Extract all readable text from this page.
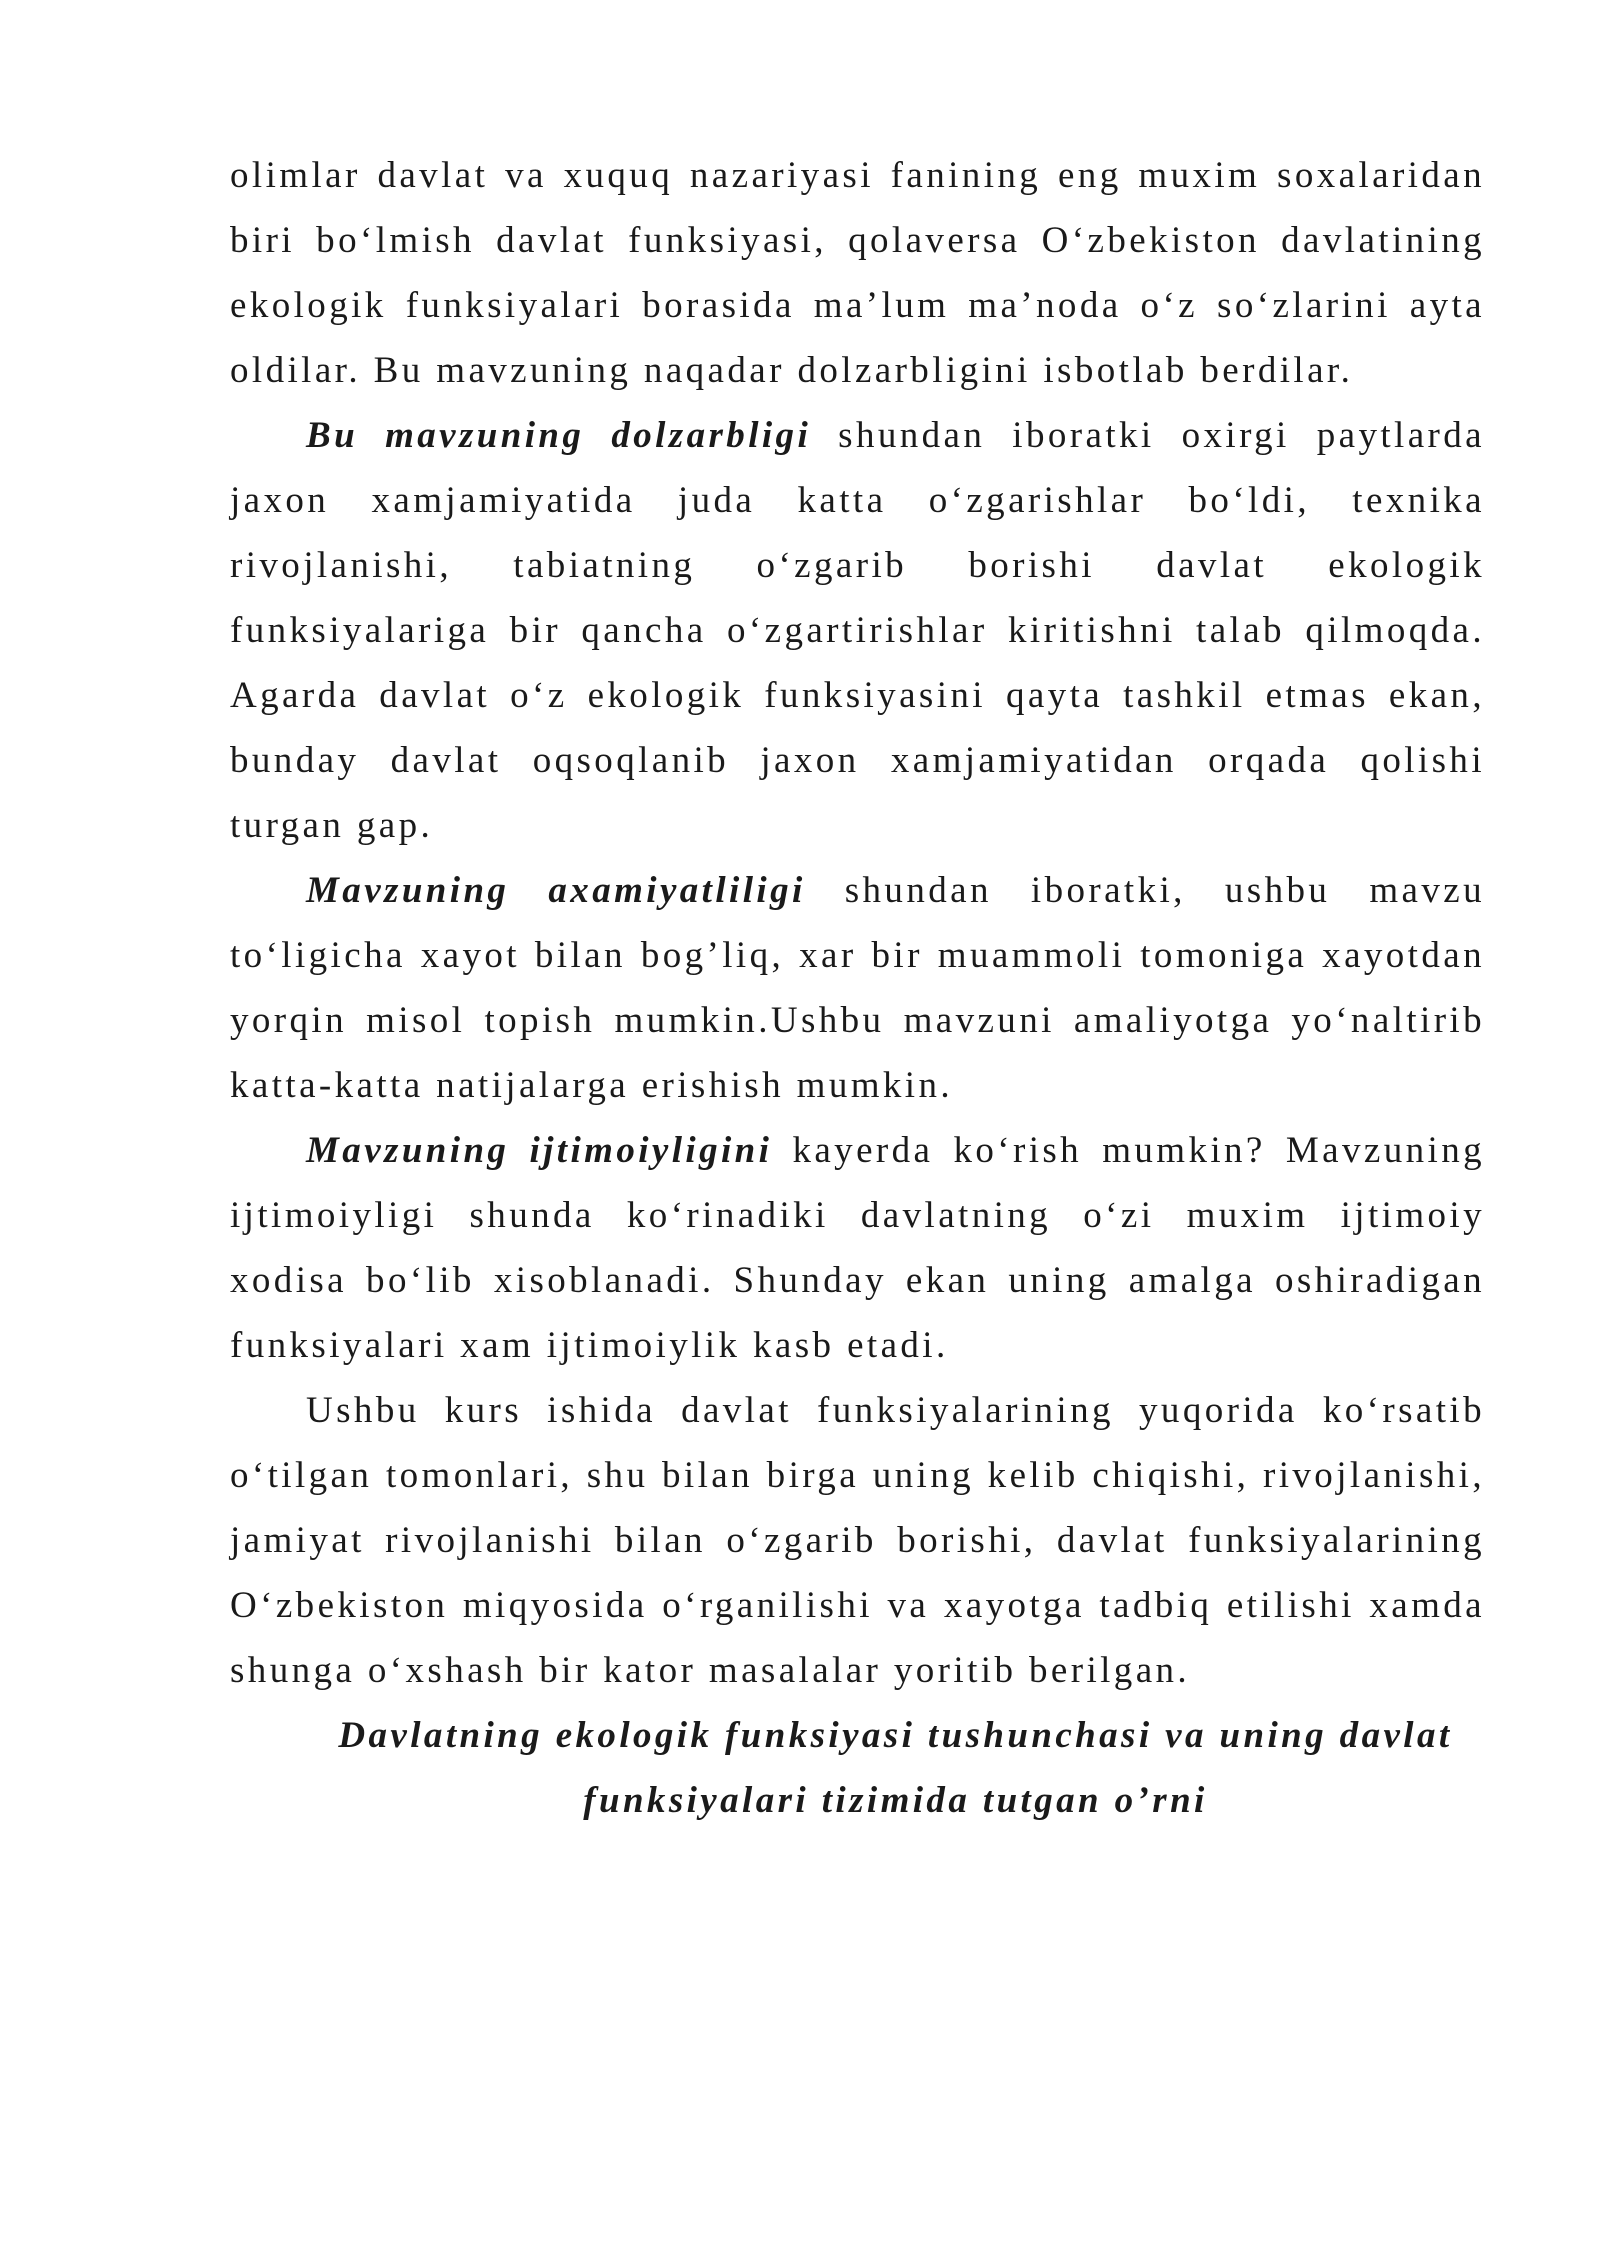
olimlar davlat va xuquq nazariyasi fanining eng muxim soxalaridan biri bo‘lmish davlat funksiyasi, qolaversa O‘zbekiston davlatining ekologik funksiyalari borasida ma’lum ma’noda o‘z so‘zlarini ayta oldilar. Bu mavzuning naqadar dolzarbligini isbotlab berdilar.

Bu mavzuning dolzarbligi shundan iboratki oxirgi paytlarda jaxon xamjamiyatida juda katta o‘zgarishlar bo‘ldi, texnika rivojlanishi, tabiatning o‘zgarib borishi davlat ekologik funksiyalariga bir qancha o‘zgartirishlar kiritishni talab qilmoqda. Agarda davlat o‘z ekologik funksiyasini qayta tashkil etmas ekan, bunday davlat oqsoqlanib jaxon xamjamiyatidan orqada qolishi turgan gap.

Mavzuning axamiyatliligi shundan iboratki, ushbu mavzu to‘ligicha xayot bilan bog’liq, xar bir muammoli tomoniga xayotdan yorqin misol topish mumkin.Ushbu mavzuni amaliyotga yo‘naltirib katta-katta natijalarga erishish mumkin.

Mavzuning ijtimoiyligini kayerda ko‘rish mumkin? Mavzuning ijtimoiyligi shunda ko‘rinadiki davlatning o‘zi muxim ijtimoiy xodisa bo‘lib xisoblanadi. Shunday ekan uning amalga oshiradigan funksiyalari xam ijtimoiylik kasb etadi.

Ushbu kurs ishida davlat funksiyalarining yuqorida ko‘rsatib o‘tilgan tomonlari, shu bilan birga uning kelib chiqishi, rivojlanishi, jamiyat rivojlanishi bilan o‘zgarib borishi, davlat funksiyalarining O‘zbekiston miqyosida o‘rganilishi va xayotga tadbiq etilishi xamda shunga o‘xshash bir kator masalalar yoritib berilgan.

Davlatning ekologik funksiyasi tushunchasi va uning davlat
funksiyalari tizimida tutgan o’rni
